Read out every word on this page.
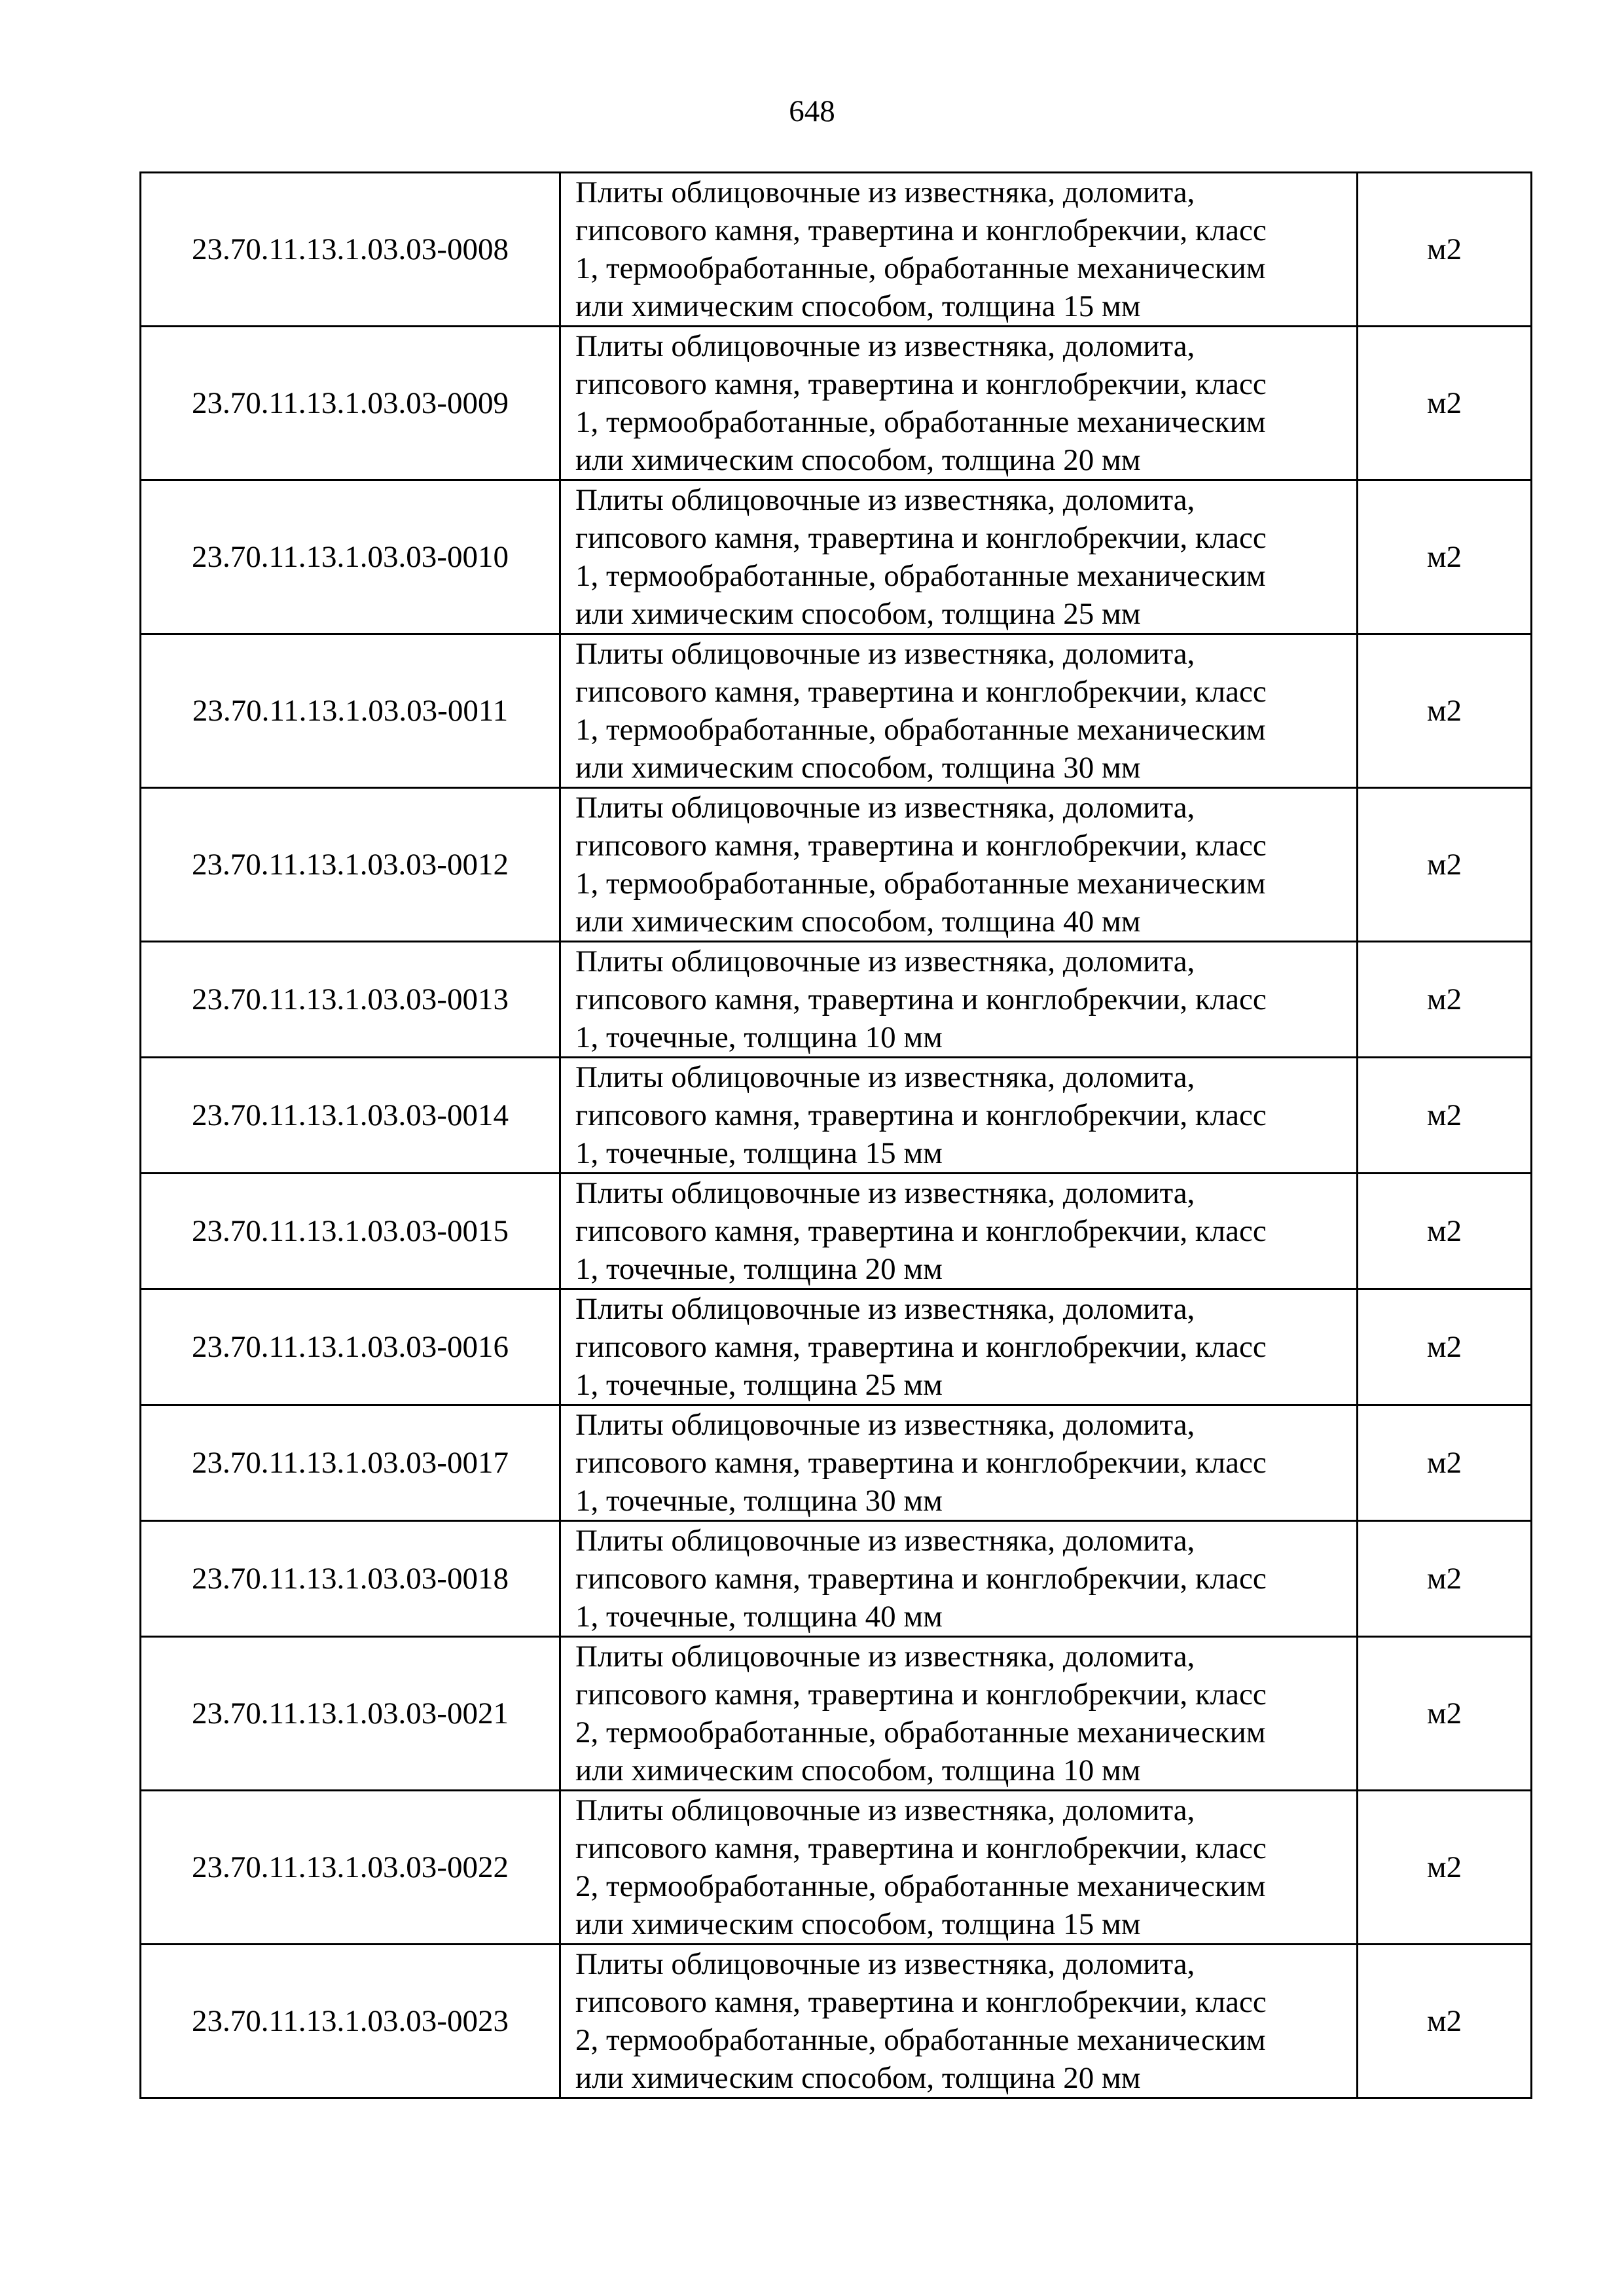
648
23.70.11.13.1.03.03-0008	Плиты облицовочные из известняка, доломита,
гипсового камня, травертина и конглобрекчии, класс
1, термообработанные, обработанные механическим
или химическим способом, толщина 15 мм	м2
23.70.11.13.1.03.03-0009	Плиты облицовочные из известняка, доломита,
гипсового камня, травертина и конглобрекчии, класс
1, термообработанные, обработанные механическим
или химическим способом, толщина 20 мм	м2
23.70.11.13.1.03.03-0010	Плиты облицовочные из известняка, доломита,
гипсового камня, травертина и конглобрекчии, класс
1, термообработанные, обработанные механическим
или химическим способом, толщина 25 мм	м2
23.70.11.13.1.03.03-0011	Плиты облицовочные из известняка, доломита,
гипсового камня, травертина и конглобрекчии, класс
1, термообработанные, обработанные механическим
или химическим способом, толщина 30 мм	м2
23.70.11.13.1.03.03-0012	Плиты облицовочные из известняка, доломита,
гипсового камня, травертина и конглобрекчии, класс
1, термообработанные, обработанные механическим
или химическим способом, толщина 40 мм	м2
23.70.11.13.1.03.03-0013	Плиты облицовочные из известняка, доломита,
гипсового камня, травертина и конглобрекчии, класс
1, точечные, толщина 10 мм	м2
23.70.11.13.1.03.03-0014	Плиты облицовочные из известняка, доломита,
гипсового камня, травертина и конглобрекчии, класс
1, точечные, толщина 15 мм	м2
23.70.11.13.1.03.03-0015	Плиты облицовочные из известняка, доломита,
гипсового камня, травертина и конглобрекчии, класс
1, точечные, толщина 20 мм	м2
23.70.11.13.1.03.03-0016	Плиты облицовочные из известняка, доломита,
гипсового камня, травертина и конглобрекчии, класс
1, точечные, толщина 25 мм	м2
23.70.11.13.1.03.03-0017	Плиты облицовочные из известняка, доломита,
гипсового камня, травертина и конглобрекчии, класс
1, точечные, толщина 30 мм	м2
23.70.11.13.1.03.03-0018	Плиты облицовочные из известняка, доломита,
гипсового камня, травертина и конглобрекчии, класс
1, точечные, толщина 40 мм	м2
23.70.11.13.1.03.03-0021	Плиты облицовочные из известняка, доломита,
гипсового камня, травертина и конглобрекчии, класс
2, термообработанные, обработанные механическим
или химическим способом, толщина 10 мм	м2
23.70.11.13.1.03.03-0022	Плиты облицовочные из известняка, доломита,
гипсового камня, травертина и конглобрекчии, класс
2, термообработанные, обработанные механическим
или химическим способом, толщина 15 мм	м2
23.70.11.13.1.03.03-0023	Плиты облицовочные из известняка, доломита,
гипсового камня, травертина и конглобрекчии, класс
2, термообработанные, обработанные механическим
или химическим способом, толщина 20 мм	м2
